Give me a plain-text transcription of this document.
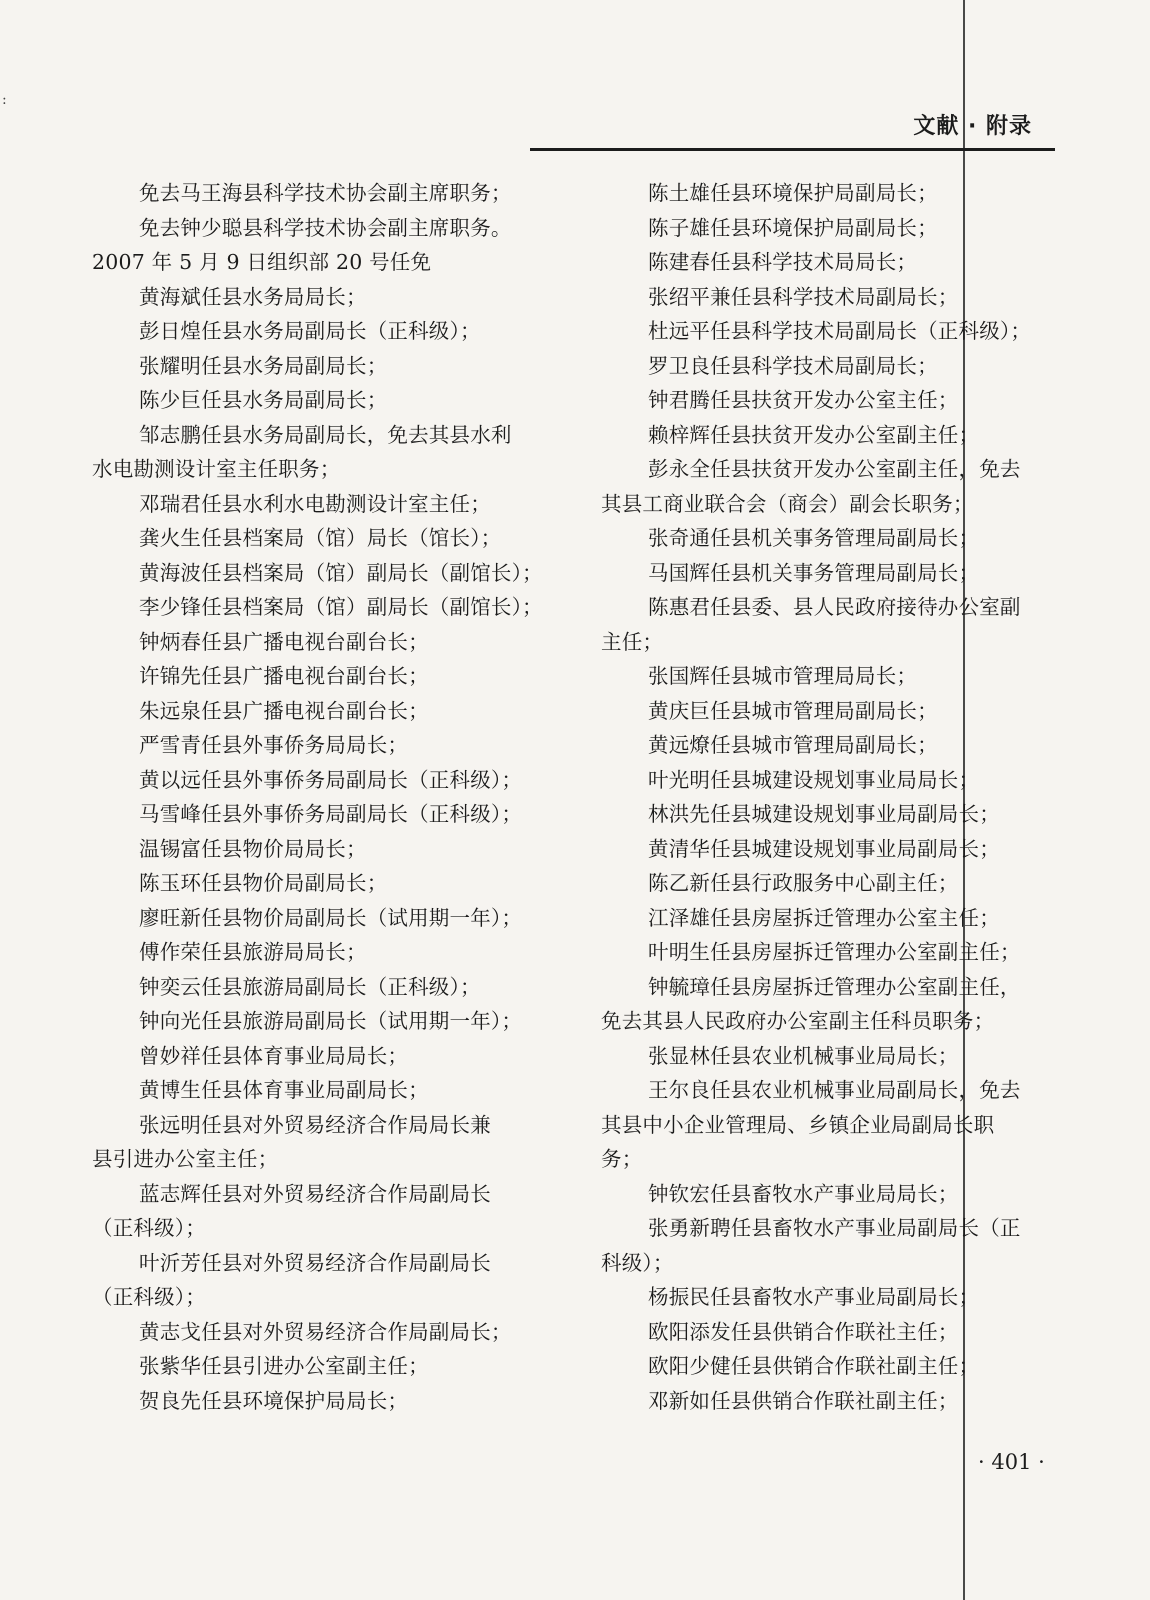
:
文献 · 附录
免去马王海县科学技术协会副主席职务；
免去钟少聪县科学技术协会副主席职务。
2007 年 5 月 9 日组织部 20 号任免
黄海斌任县水务局局长；
彭日煌任县水务局副局长（正科级）；
张耀明任县水务局副局长；
陈少巨任县水务局副局长；
邹志鹏任县水务局副局长，免去其县水利
水电勘测设计室主任职务；
邓瑞君任县水利水电勘测设计室主任；
龚火生任县档案局（馆）局长（馆长）；
黄海波任县档案局（馆）副局长（副馆长）；
李少锋任县档案局（馆）副局长（副馆长）；
钟炳春任县广播电视台副台长；
许锦先任县广播电视台副台长；
朱远泉任县广播电视台副台长；
严雪青任县外事侨务局局长；
黄以远任县外事侨务局副局长（正科级）；
马雪峰任县外事侨务局副局长（正科级）；
温锡富任县物价局局长；
陈玉环任县物价局副局长；
廖旺新任县物价局副局长（试用期一年）；
傅作荣任县旅游局局长；
钟奕云任县旅游局副局长（正科级）；
钟向光任县旅游局副局长（试用期一年）；
曾妙祥任县体育事业局局长；
黄博生任县体育事业局副局长；
张远明任县对外贸易经济合作局局长兼
县引进办公室主任；
蓝志辉任县对外贸易经济合作局副局长
（正科级）；
叶沂芳任县对外贸易经济合作局副局长
（正科级）；
黄志戈任县对外贸易经济合作局副局长；
张紫华任县引进办公室副主任；
贺良先任县环境保护局局长；
陈土雄任县环境保护局副局长；
陈子雄任县环境保护局副局长；
陈建春任县科学技术局局长；
张绍平兼任县科学技术局副局长；
杜远平任县科学技术局副局长（正科级）；
罗卫良任县科学技术局副局长；
钟君腾任县扶贫开发办公室主任；
赖梓辉任县扶贫开发办公室副主任；
彭永全任县扶贫开发办公室副主任，免去
其县工商业联合会（商会）副会长职务；
张奇通任县机关事务管理局副局长；
马国辉任县机关事务管理局副局长；
陈惠君任县委、县人民政府接待办公室副
主任；
张国辉任县城市管理局局长；
黄庆巨任县城市管理局副局长；
黄远燎任县城市管理局副局长；
叶光明任县城建设规划事业局局长；
林洪先任县城建设规划事业局副局长；
黄清华任县城建设规划事业局副局长；
陈乙新任县行政服务中心副主任；
江泽雄任县房屋拆迁管理办公室主任；
叶明生任县房屋拆迁管理办公室副主任；
钟毓璋任县房屋拆迁管理办公室副主任，
免去其县人民政府办公室副主任科员职务；
张显林任县农业机械事业局局长；
王尔良任县农业机械事业局副局长，免去
其县中小企业管理局、乡镇企业局副局长职
务；
钟钦宏任县畜牧水产事业局局长；
张勇新聘任县畜牧水产事业局副局长（正
科级）；
杨振民任县畜牧水产事业局副局长；
欧阳添发任县供销合作联社主任；
欧阳少健任县供销合作联社副主任；
邓新如任县供销合作联社副主任；
· 401 ·
